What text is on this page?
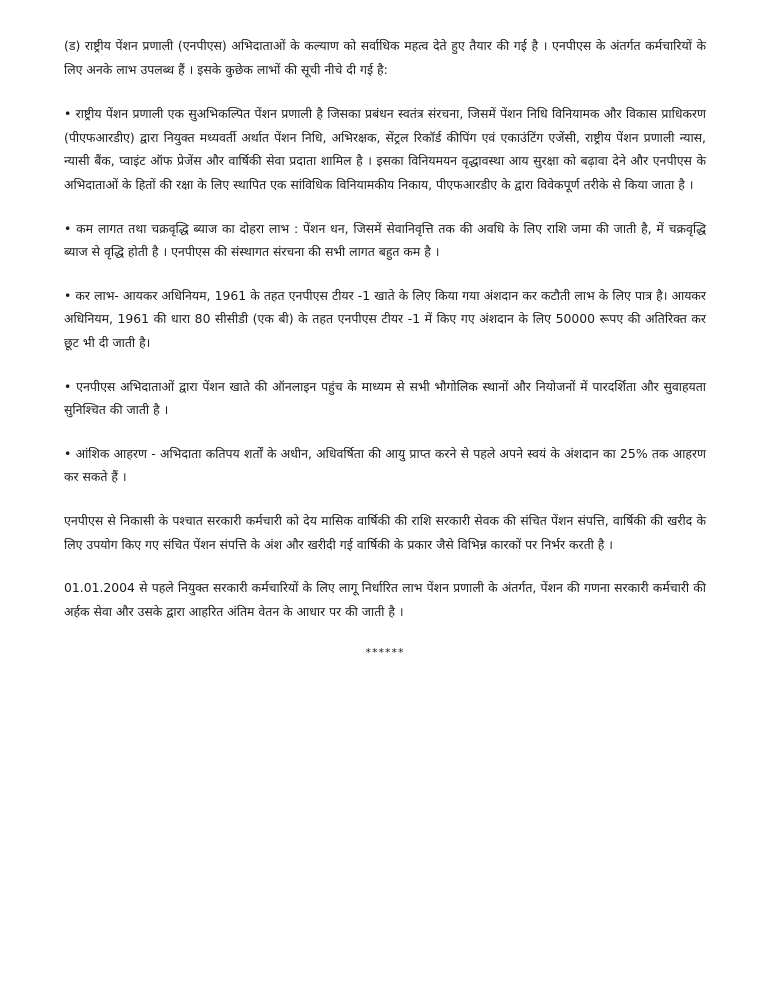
(ड) राष्ट्रीय पेंशन प्रणाली (एनपीएस) अभिदाताओं के कल्याण को सर्वाधिक महत्व देते हुए तैयार की गई है । एनपीएस के अंतर्गत कर्मचारियों के लिए अनके लाभ उपलब्ध हैं । इसके कुछेक लाभों की सूची नीचे दी गई है:

• राष्ट्रीय पेंशन प्रणाली एक सुअभिकल्पित पेंशन प्रणाली है जिसका प्रबंधन स्वतंत्र संरचना, जिसमें पेंशन निधि विनियामक और विकास प्राधिकरण (पीएफआरडीए) द्वारा नियुक्त मध्यवर्ती अर्थात पेंशन निधि, अभिरक्षक, सेंट्रल रिकॉर्ड कीपिंग एवं एकाउंटिंग एजेंसी, राष्ट्रीय पेंशन प्रणाली न्यास, न्यासी बैंक, प्वाइंट ऑफ प्रेजेंस और वार्षिकी सेवा प्रदाता शामिल है । इसका विनियमयन वृद्धावस्था आय सुरक्षा को बढ़ावा देने और एनपीएस के अभिदाताओं के हितों की रक्षा के लिए स्थापित एक सांविधिक विनियामकीय निकाय, पीएफआरडीए के द्वारा विवेकपूर्ण तरीके से किया जाता है ।

• कम लागत तथा चक्रवृद्धि ब्याज का दोहरा लाभ : पेंशन धन, जिसमें सेवानिवृत्ति तक की अवधि के लिए राशि जमा की जाती है, में चक्रवृद्धि ब्याज से वृद्धि होती है । एनपीएस की संस्थागत संरचना की सभी लागत बहुत कम है ।

• कर लाभ- आयकर अधिनियम, 1961 के तहत एनपीएस टीयर -1 खाते के लिए किया गया अंशदान कर कटौती लाभ के लिए पात्र है। आयकर अधिनियम, 1961 की धारा 80 सीसीडी (एक बी) के तहत एनपीएस टीयर -1 में किए गए अंशदान के लिए 50000 रूपए की अतिरिक्त कर छूट भी दी जाती है।

• एनपीएस अभिदाताओं द्वारा पेंशन खाते की ऑनलाइन पहुंच के माध्यम से सभी भौगोलिक स्थानों और नियोजनों में पारदर्शिता और सुवाहयता सुनिश्चित की जाती है ।

• आंशिक आहरण - अभिदाता कतिपय शर्तों के अधीन, अधिवर्षिता की आयु प्राप्त करने से पहले अपने स्वयं के अंशदान का 25% तक आहरण कर सकते हैं ।

एनपीएस से निकासी के पश्चात सरकारी कर्मचारी को देय मासिक वार्षिकी की राशि सरकारी सेवक की संचित पेंशन संपत्ति, वार्षिकी की खरीद के लिए उपयोग किए गए संचित पेंशन संपत्ति के अंश और खरीदी गई वार्षिकी के प्रकार जैसे विभिन्न कारकों पर निर्भर करती है ।

01.01.2004 से पहले नियुक्त सरकारी कर्मचारियों के लिए लागू निर्धारित लाभ पेंशन प्रणाली के अंतर्गत, पेंशन की गणना सरकारी कर्मचारी की अर्हक सेवा और उसके द्वारा आहरित अंतिम वेतन के आधार पर की जाती है ।

******
